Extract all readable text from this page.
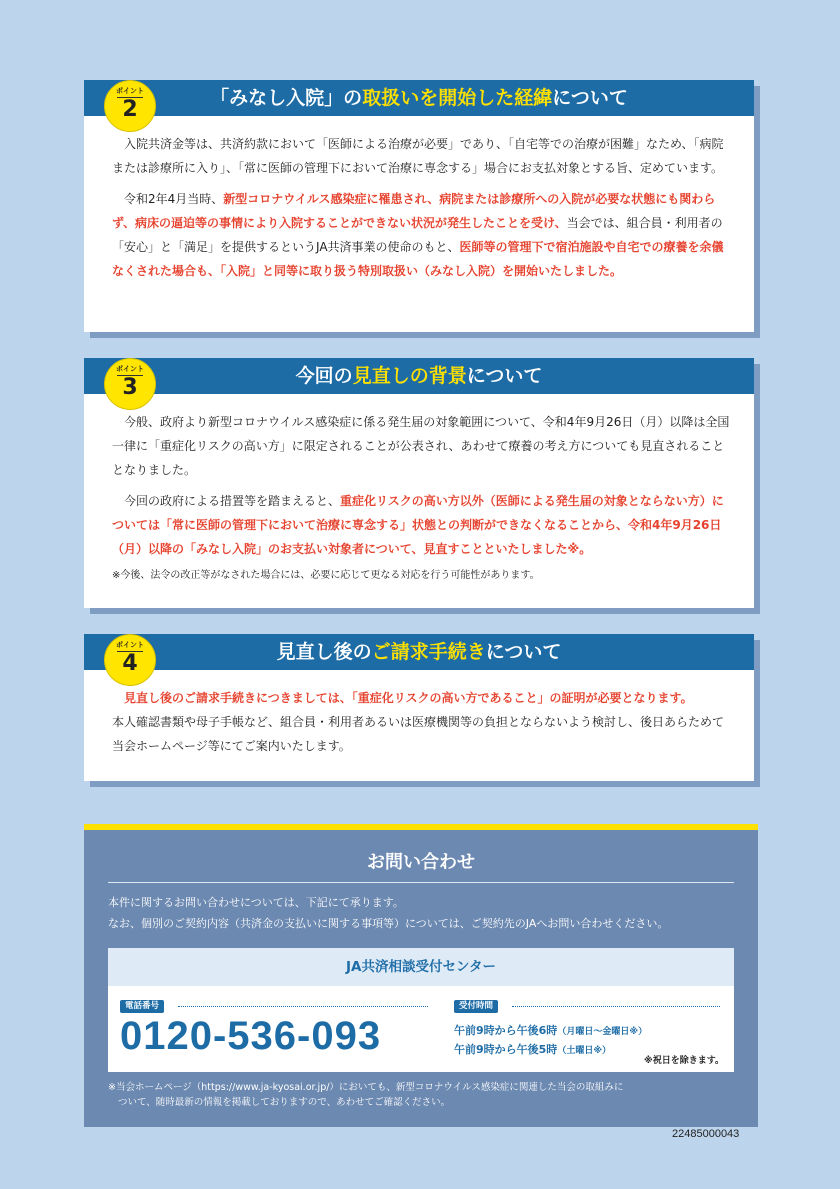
「みなし入院」の取扱いを開始した経緯について
ポイント
2

入院共済金等は、共済約款において「医師による治療が必要」であり、「自宅等での治療が困難」なため、「病院または診療所に入り」、「常に医師の管理下において治療に専念する」場合にお支払対象とする旨、定めています。

令和2年4月当時、新型コロナウイルス感染症に罹患され、病院または診療所への入院が必要な状態にも関わらず、病床の逼迫等の事情により入院することができない状況が発生したことを受け、当会では、組合員・利用者の「安心」と「満足」を提供するというJA共済事業の使命のもと、医師等の管理下で宿泊施設や自宅での療養を余儀なくされた場合も、「入院」と同等に取り扱う特別取扱い（みなし入院）を開始いたしました。

今回の見直しの背景について
ポイント
3

今般、政府より新型コロナウイルス感染症に係る発生届の対象範囲について、令和4年9月26日（月）以降は全国一律に「重症化リスクの高い方」に限定されることが公表され、あわせて療養の考え方についても見直されることとなりました。

今回の政府による措置等を踏まえると、重症化リスクの高い方以外（医師による発生届の対象とならない方）については「常に医師の管理下において治療に専念する」状態との判断ができなくなることから、令和4年9月26日（月）以降の「みなし入院」のお支払い対象者について、見直すことといたしました※。

※今後、法令の改正等がなされた場合には、必要に応じて更なる対応を行う可能性があります。

見直し後のご請求手続きについて
ポイント
4

見直し後のご請求手続きにつきましては、「重症化リスクの高い方であること」の証明が必要となります。

本人確認書類や母子手帳など、組合員・利用者あるいは医療機関等の負担とならないよう検討し、後日あらためて当会ホームページ等にてご案内いたします。

お問い合わせ
本件に関するお問い合わせについては、下記にて承ります。
なお、個別のご契約内容（共済金の支払いに関する事項等）については、ご契約先のJAへお問い合わせください。
JA共済相談受付センター
電話番号
0120-536-093
受付時間
午前9時から午後6時（月曜日～金曜日※）
午前9時から午後5時（土曜日※）
※祝日を除きます。
※当会ホームページ（https://www.ja-kyosai.or.jp/）においても、新型コロナウイルス感染症に関連した当会の取組みに
ついて、随時最新の情報を掲載しておりますので、あわせてご確認ください。
22485000043
